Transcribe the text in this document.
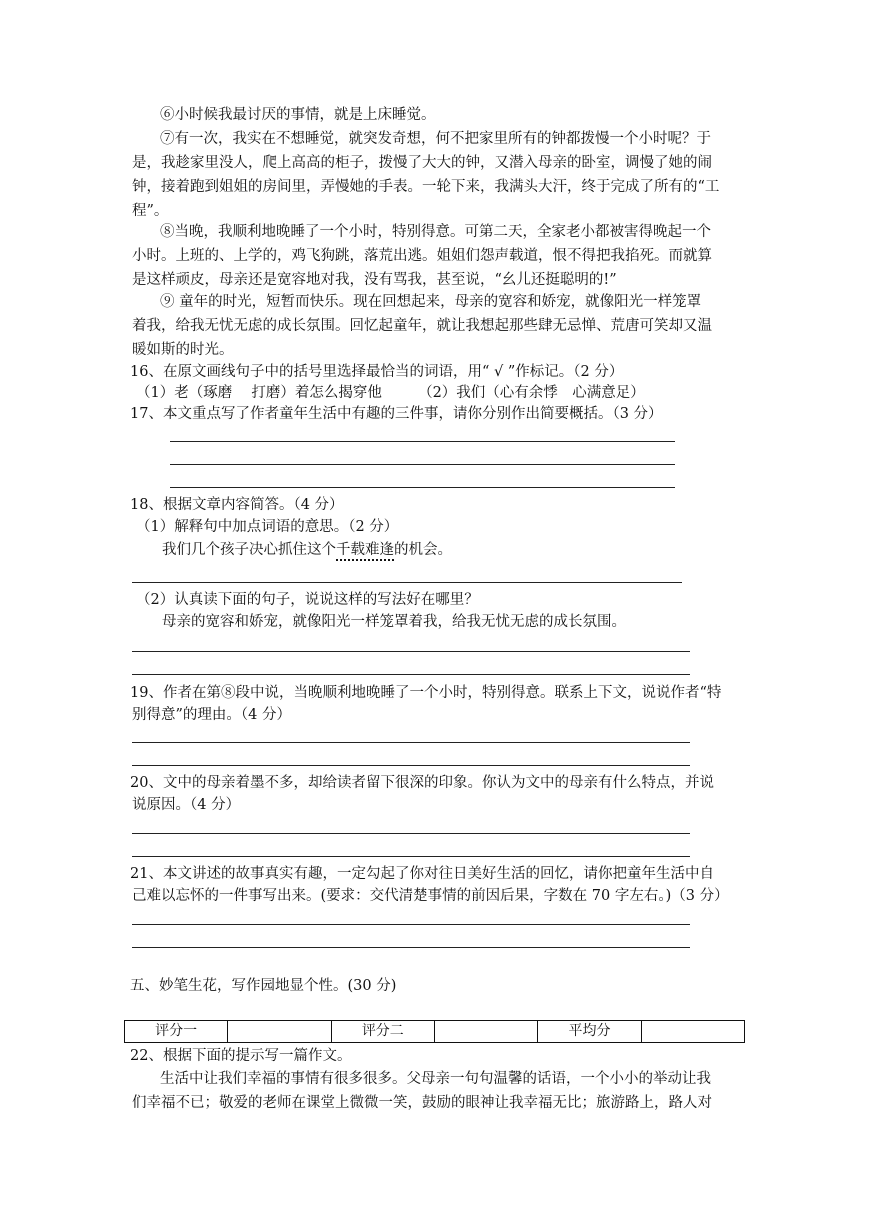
⑥小时候我最讨厌的事情，就是上床睡觉。
⑦有一次，我实在不想睡觉，就突发奇想，何不把家里所有的钟都拨慢一个小时呢？于
是，我趁家里没人，爬上高高的柜子，拨慢了大大的钟，又潜入母亲的卧室，调慢了她的闹
钟，接着跑到姐姐的房间里，弄慢她的手表。一轮下来，我满头大汗，终于完成了所有的“工
程”。
⑧当晚，我顺利地晚睡了一个小时，特别得意。可第二天，全家老小都被害得晚起一个
小时。上班的、上学的，鸡飞狗跳，落荒出逃。姐姐们怨声载道，恨不得把我掐死。而就算
是这样顽皮，母亲还是宽容地对我，没有骂我，甚至说，“幺儿还挺聪明的!”
⑨ 童年的时光，短暂而快乐。现在回想起来，母亲的宽容和娇宠，就像阳光一样笼罩
着我，给我无忧无虑的成长氛围。回忆起童年，就让我想起那些肆无忌惮、荒唐可笑却又温
暖如斯的时光。
16、在原文画线句子中的括号里选择最恰当的词语，用“ √ ”作标记。（2 分）
（1）老（琢磨　 打磨）着怎么揭穿他　　　（2）我们（心有余悸　心满意足）
17、本文重点写了作者童年生活中有趣的三件事，请你分别作出简要概括。（3 分）
18、根据文章内容简答。（4 分）
（1）解释句中加点词语的意思。（2 分）
我们几个孩子决心抓住这个千载难逢的机会。
（2）认真读下面的句子，说说这样的写法好在哪里？
母亲的宽容和娇宠，就像阳光一样笼罩着我，给我无忧无虑的成长氛围。
19、作者在第⑧段中说，当晚顺利地晚睡了一个小时，特别得意。联系上下文，说说作者“特
别得意”的理由。（4 分）
20、文中的母亲着墨不多，却给读者留下很深的印象。你认为文中的母亲有什么特点，并说
说原因。（4 分）
21、本文讲述的故事真实有趣，一定勾起了你对往日美好生活的回忆，请你把童年生活中自
己难以忘怀的一件事写出来。(要求：交代清楚事情的前因后果，字数在 70 字左右。)（3 分）
五、妙笔生花，写作园地显个性。(30 分)
评分一		评分二		平均分	
22、根据下面的提示写一篇作文。
生活中让我们幸福的事情有很多很多。父母亲一句句温馨的话语，一个小小的举动让我
们幸福不已；敬爱的老师在课堂上微微一笑，鼓励的眼神让我幸福无比；旅游路上，路人对
